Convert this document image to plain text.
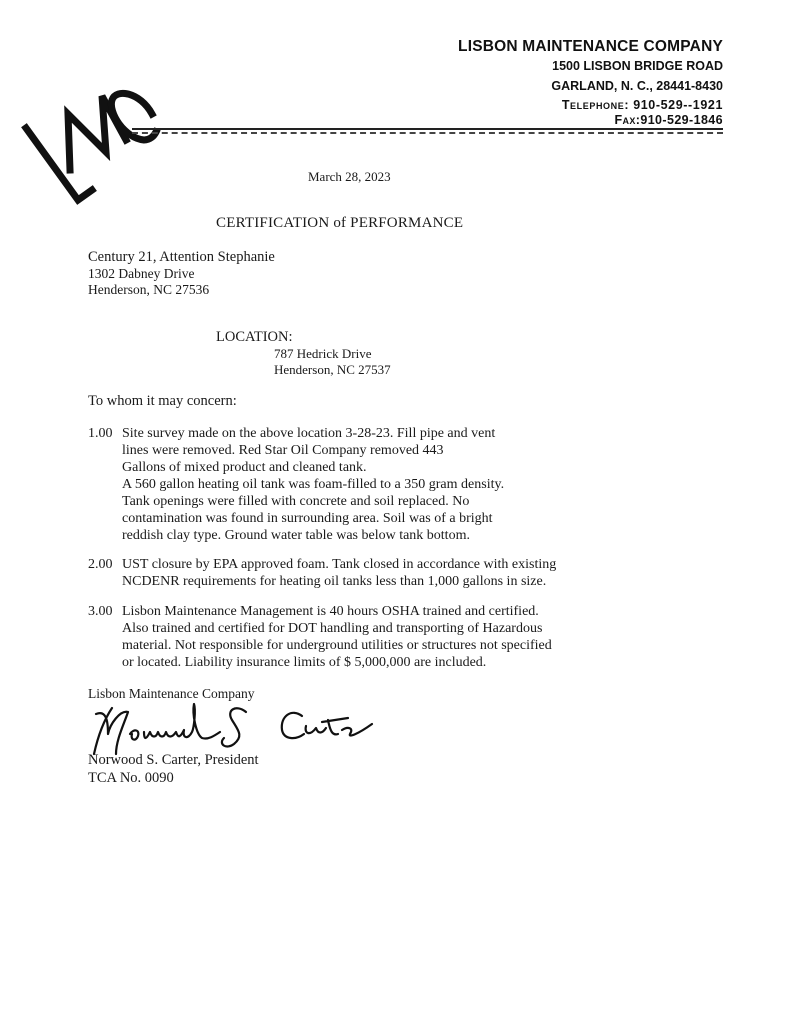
LISBON MAINTENANCE COMPANY
1500 LISBON BRIDGE ROAD
GARLAND, N. C., 28441-8430
Telephone: 910-529--1921
Fax:910-529-1846
March 28, 2023
CERTIFICATION of PERFORMANCE
Century 21, Attention Stephanie
1302 Dabney Drive
Henderson, NC 27536
LOCATION:
787 Hedrick Drive
Henderson, NC 27537
To whom it may concern:
1.00 Site survey made on the above location 3-28-23. Fill pipe and vent
lines were removed. Red Star Oil Company removed 443
Gallons of mixed product and cleaned tank.
A 560 gallon heating oil tank was foam-filled to a 350 gram density.
Tank openings were filled with concrete and soil replaced. No
contamination was found in surrounding area. Soil was of a bright
reddish clay type. Ground water table was below tank bottom.
2.00 UST closure by EPA approved foam. Tank closed in accordance with existing
NCDENR requirements for heating oil tanks less than 1,000 gallons in size.
3.00 Lisbon Maintenance Management is 40 hours OSHA trained and certified.
Also trained and certified for DOT handling and transporting of Hazardous
material. Not responsible for underground utilities or structures not specified
or located. Liability insurance limits of $ 5,000,000 are included.
Lisbon Maintenance Company
Norwood S. Carter, President
TCA No. 0090
